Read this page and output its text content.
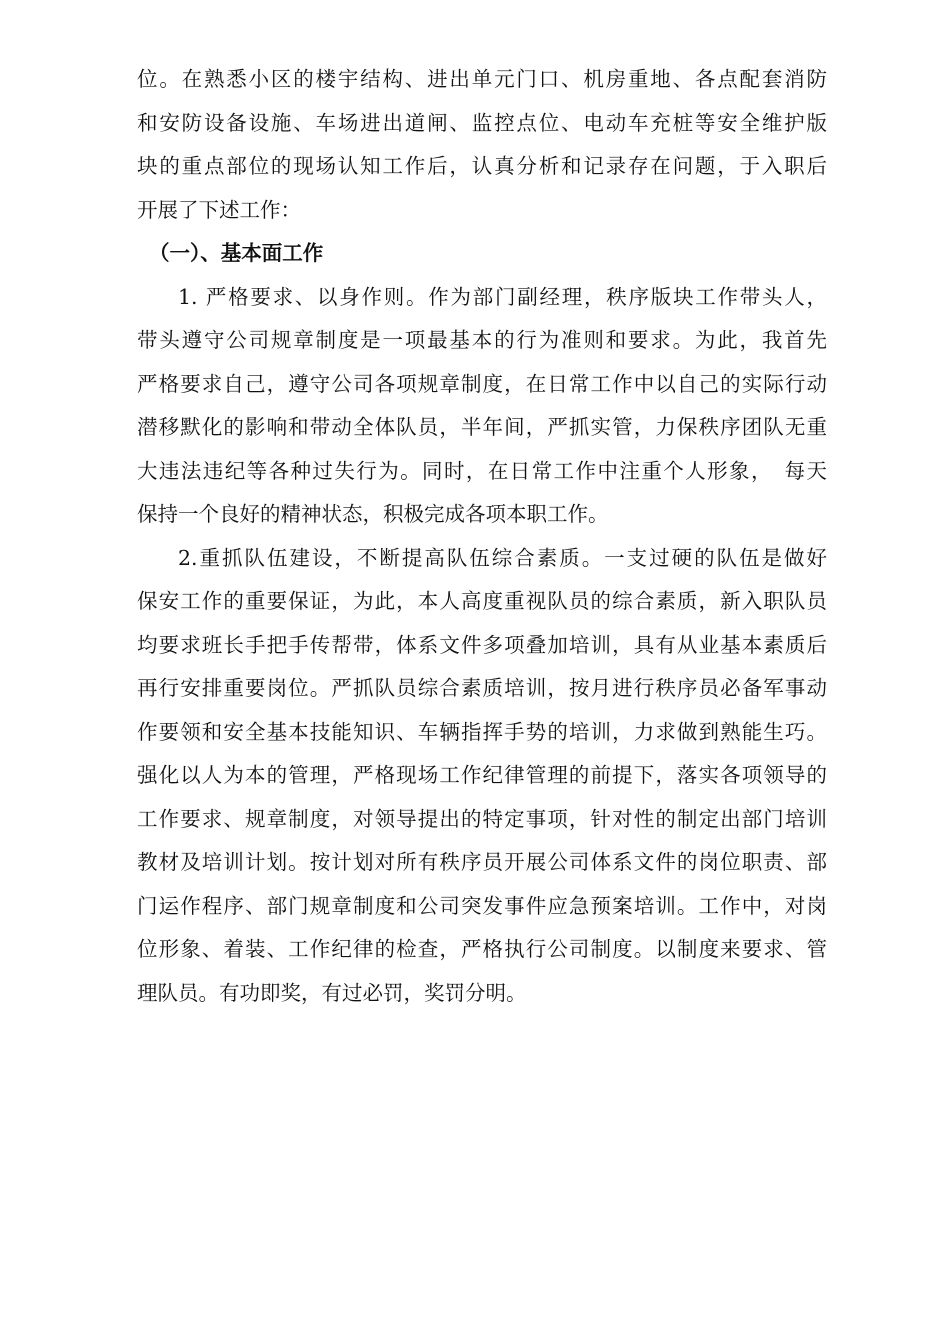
位。在熟悉小区的楼宇结构、进出单元门口、机房重地、各点配套消防
和安防设备设施、车场进出道闸、监控点位、电动车充桩等安全维护版
块的重点部位的现场认知工作后，认真分析和记录存在问题，于入职后
开展了下述工作：
（一）、基本面工作
1. 严格要求、以身作则。作为部门副经理，秩序版块工作带头人，
带头遵守公司规章制度是一项最基本的行为准则和要求。为此，我首先
严格要求自己，遵守公司各项规章制度，在日常工作中以自己的实际行动
潜移默化的影响和带动全体队员，半年间，严抓实管，力保秩序团队无重
大违法违纪等各种过失行为。同时，在日常工作中注重个人形象，　每天
保持一个良好的精神状态，积极完成各项本职工作。
2.重抓队伍建设，不断提高队伍综合素质。一支过硬的队伍是做好
保安工作的重要保证，为此，本人高度重视队员的综合素质，新入职队员
均要求班长手把手传帮带，体系文件多项叠加培训，具有从业基本素质后
再行安排重要岗位。严抓队员综合素质培训，按月进行秩序员必备军事动
作要领和安全基本技能知识、车辆指挥手势的培训，力求做到熟能生巧。
强化以人为本的管理，严格现场工作纪律管理的前提下，落实各项领导的
工作要求、规章制度，对领导提出的特定事项，针对性的制定出部门培训
教材及培训计划。按计划对所有秩序员开展公司体系文件的岗位职责、部
门运作程序、部门规章制度和公司突发事件应急预案培训。工作中，对岗
位形象、着装、工作纪律的检查，严格执行公司制度。以制度来要求、管
理队员。有功即奖，有过必罚，奖罚分明。
